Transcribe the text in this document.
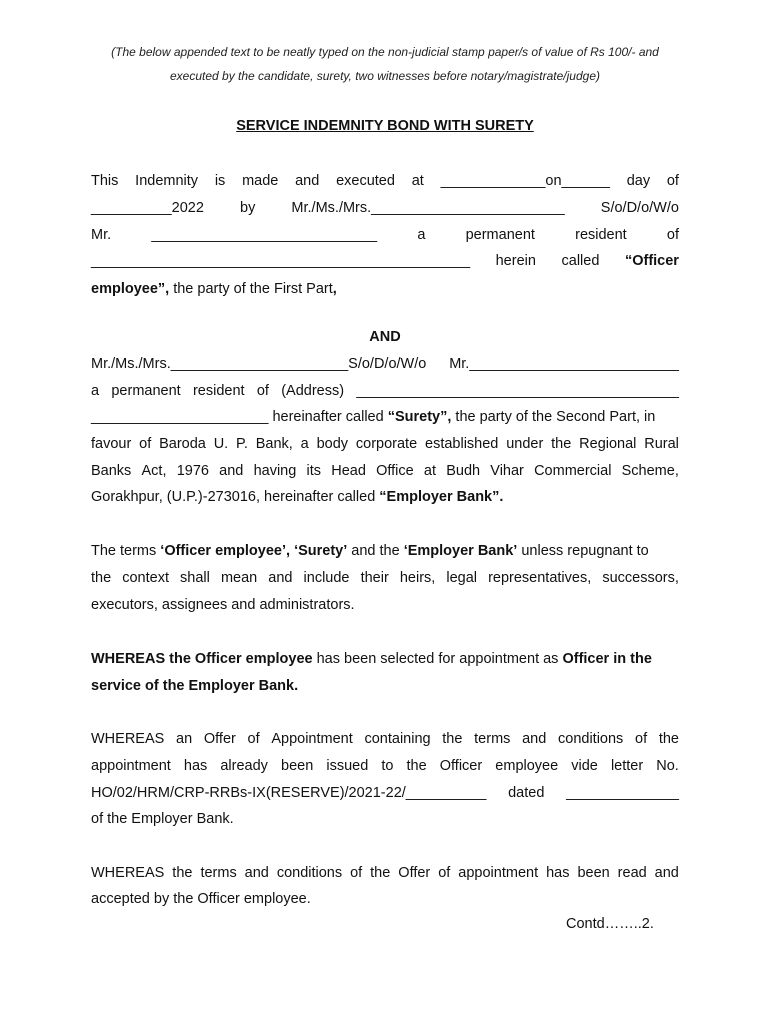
(The below appended text to be neatly typed on the non-judicial stamp paper/s of value of Rs 100/- and
executed by the candidate, surety, two witnesses before notary/magistrate/judge)
SERVICE INDEMNITY BOND WITH SURETY
This Indemnity is made and executed at _____________on______ day of
__________2022 by Mr./Ms./Mrs.________________________ S/o/D/o/W/o
Mr.	____________________________	a	permanent	resident	of
_______________________________________________ herein called “Officer
employee”, the party of the First Part,
AND
Mr./Ms./Mrs.______________________S/o/D/o/W/o Mr.__________________________
a permanent resident of (Address) ________________________________________
______________________ hereinafter called “Surety”, the party of the Second Part, in
favour of Baroda U. P. Bank, a body corporate established under the Regional Rural
Banks Act, 1976 and having its Head Office at Budh Vihar Commercial Scheme,
Gorakhpur, (U.P.)-273016, hereinafter called “Employer Bank”.
The terms ‘Officer employee’, ‘Surety’ and the ‘Employer Bank’ unless repugnant to
the context shall mean and include their heirs, legal representatives, successors,
executors, assignees and administrators.
WHEREAS the Officer employee has been selected for appointment as Officer in the
service of the Employer Bank.
WHEREAS an Offer of Appointment containing the terms and conditions of the
appointment has already been issued to the Officer employee vide letter No.
HO/02/HRM/CRP-RRBs-IX(RESERVE)/2021-22/__________ dated ______________
of the Employer Bank.
WHEREAS the terms and conditions of the Offer of appointment has been read and
accepted by the Officer employee.
Contd……..2.
